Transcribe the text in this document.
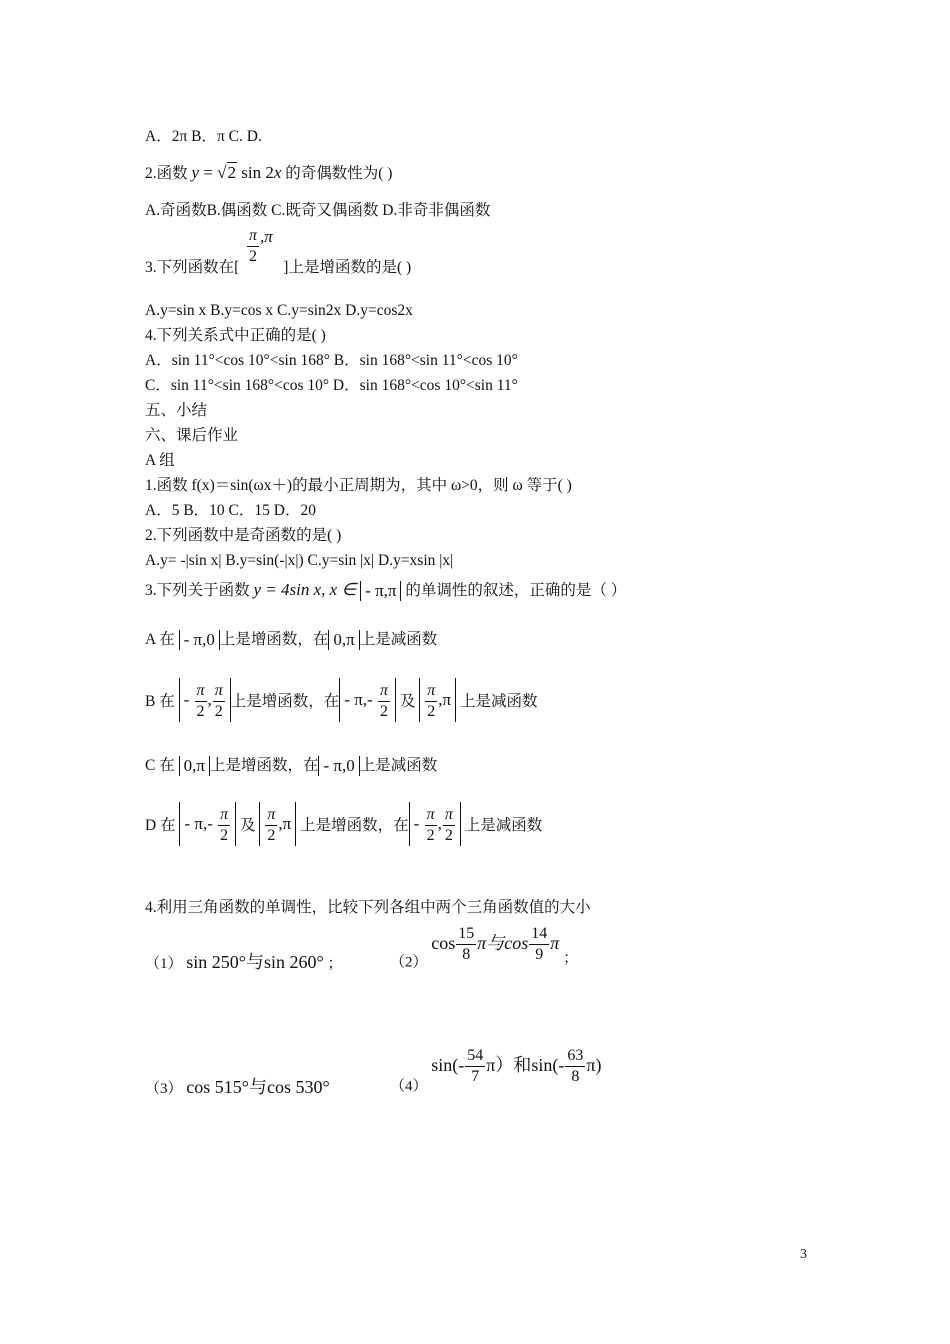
A．2π B．π C. D.
2.函数 y = √2 sin 2x 的奇偶数性为( )
A.奇函数B.偶函数 C.既奇又偶函数 D.非奇非偶函数
$\frac{\pi}{2} ,\pi$
3.下列函数在[	]上是增函数的是( )
A.y=sin x B.y=cos x C.y=sin2x D.y=cos2x
4.下列关系式中正确的是( )
A．sin 11°<cos 10°<sin 168° B．sin 168°<sin 11°<cos 10°
C．sin 11°<sin 168°<cos 10° D．sin 168°<cos 10°<sin 11°
五、小结
六、课后作业
A 组
1.函数 f(x)＝sin(ωx＋)的最小正周期为，其中 ω>0，则 ω 等于( )
A．5 B．10 C．15 D．20
2.下列函数中是奇函数的是( )
A.y= -|sin x| B.y=sin(-|x|) C.y=sin |x| D.y=xsin |x|
3.下列关于函数 y = 4sin x, x ∈ - π,π 的单调性的叙述，正确的是（ ）
A 在 - π,0 上是增函数，在 0,π 上是减函数
B 在 - $\frac{\pi}{2}$ , $\frac{\pi}{2}$ 上是增函数，在 - $\pi,- \frac{\pi}{2}$ 及 $\frac{\pi}{2} ,\pi$ 上是减函数
C 在 0,π 上是增函数，在 - π,0 上是减函数
D 在 - $\pi,- \frac{\pi}{2}$ 及 $\frac{\pi}{2} ,\pi$ 上是增函数，在 - $\frac{\pi}{2}$ , $\frac{\pi}{2}$ 上是减函数
4.利用三角函数的单调性，比较下列各组中两个三角函数值的大小
（1） sin 250°与sin 260° ；	（2） $\cos \frac{15}{8}$ π与$\cos \frac{14}{9}$ π ；
（3） cos 515°与cos 530°	（4） $\sin(- \frac{54}{7} \pi)$和$\sin(- \frac{63}{8} \pi)$
3
